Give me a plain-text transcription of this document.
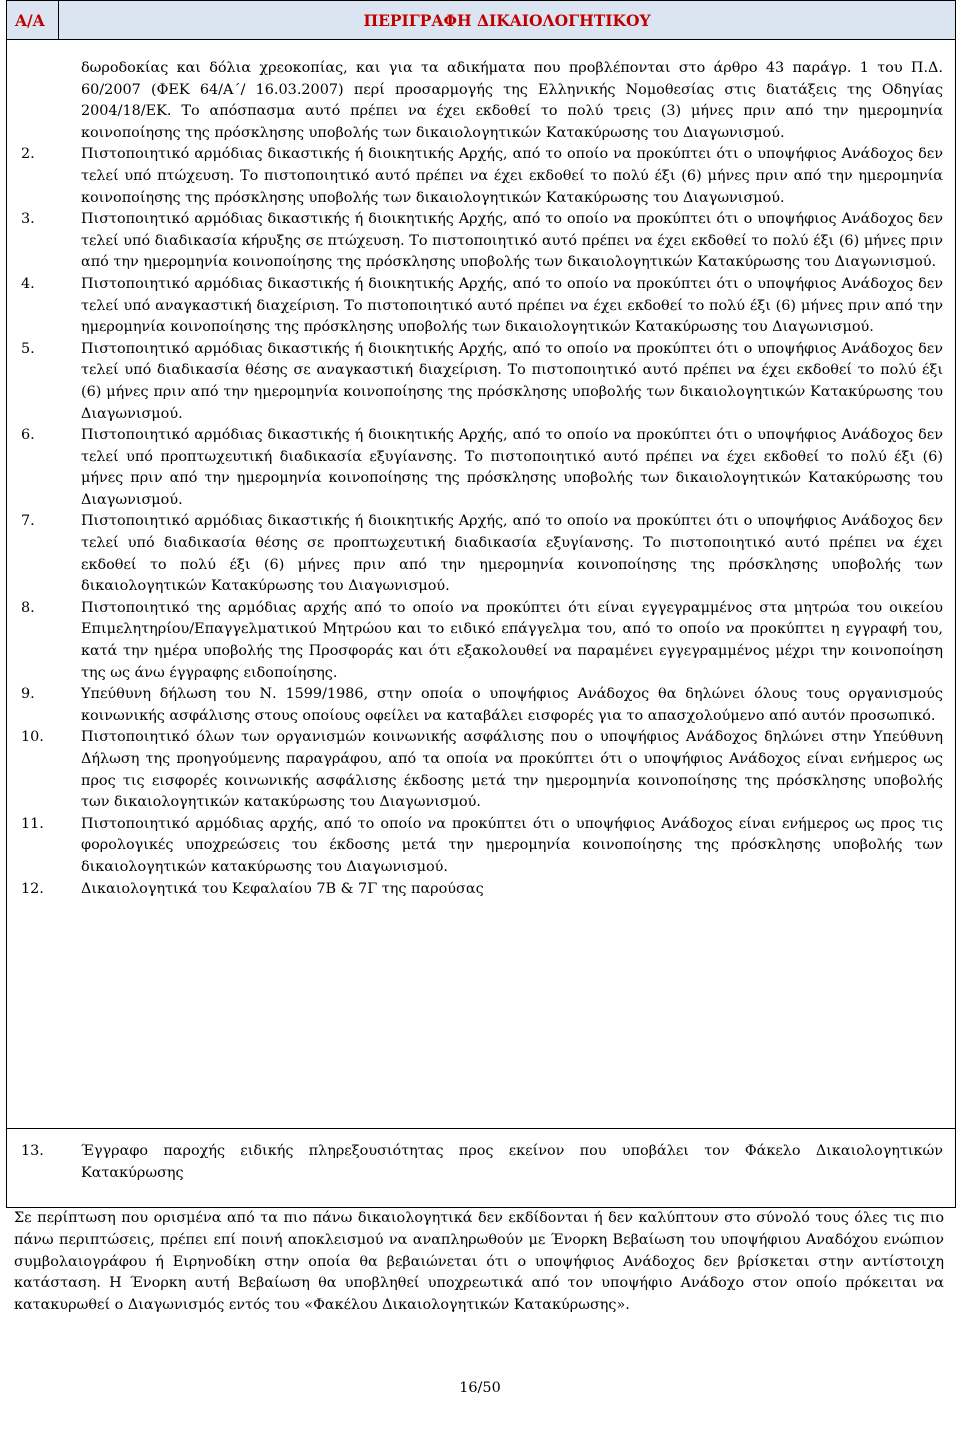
Α/Α	ΠΕΡΙΓΡΑΦΗ ΔΙΚΑΙΟΛΟΓΗΤΙΚΟΥ

δωροδοκίας και δόλια χρεοκοπίας, και για τα αδικήματα που προβλέπονται στο άρθρο 43 παράγρ. 1 του Π.Δ. 60/2007 (ΦΕΚ 64/Α΄/ 16.03.2007) περί προσαρμογής της Ελληνικής Νομοθεσίας στις διατάξεις της Οδηγίας 2004/18/ΕΚ. Το απόσπασμα αυτό πρέπει να έχει εκδοθεί το πολύ τρεις (3) μήνες πριν από την ημερομηνία κοινοποίησης της πρόσκλησης υποβολής των δικαιολογητικών Κατακύρωσης του Διαγωνισμού.
2.	Πιστοποιητικό αρμόδιας δικαστικής ή διοικητικής Αρχής, από το οποίο να προκύπτει ότι ο υποψήφιος Ανάδοχος δεν τελεί υπό πτώχευση. Το πιστοποιητικό αυτό πρέπει να έχει εκδοθεί το πολύ έξι (6) μήνες πριν από την ημερομηνία κοινοποίησης της πρόσκλησης υποβολής των δικαιολογητικών Κατακύρωσης του Διαγωνισμού.
3.	Πιστοποιητικό αρμόδιας δικαστικής ή διοικητικής Αρχής, από το οποίο να προκύπτει ότι ο υποψήφιος Ανάδοχος δεν τελεί υπό διαδικασία κήρυξης σε πτώχευση. Το πιστοποιητικό αυτό πρέπει να έχει εκδοθεί το πολύ έξι (6) μήνες πριν από την ημερομηνία κοινοποίησης της πρόσκλησης υποβολής των δικαιολογητικών Κατακύρωσης του Διαγωνισμού.
4.	Πιστοποιητικό αρμόδιας δικαστικής ή διοικητικής Αρχής, από το οποίο να προκύπτει ότι ο υποψήφιος Ανάδοχος δεν τελεί υπό αναγκαστική διαχείριση. Το πιστοποιητικό αυτό πρέπει να έχει εκδοθεί το πολύ έξι (6) μήνες πριν από την ημερομηνία κοινοποίησης της πρόσκλησης υποβολής των δικαιολογητικών Κατακύρωσης του Διαγωνισμού.
5.	Πιστοποιητικό αρμόδιας δικαστικής ή διοικητικής Αρχής, από το οποίο να προκύπτει ότι ο υποψήφιος Ανάδοχος δεν τελεί υπό διαδικασία θέσης σε αναγκαστική διαχείριση. Το πιστοποιητικό αυτό πρέπει να έχει εκδοθεί το πολύ έξι (6) μήνες πριν από την ημερομηνία κοινοποίησης της πρόσκλησης υποβολής των δικαιολογητικών Κατακύρωσης του Διαγωνισμού.
6.	Πιστοποιητικό αρμόδιας δικαστικής ή διοικητικής Αρχής, από το οποίο να προκύπτει ότι ο υποψήφιος Ανάδοχος δεν τελεί υπό προπτωχευτική διαδικασία εξυγίανσης. Το πιστοποιητικό αυτό πρέπει να έχει εκδοθεί το πολύ έξι (6) μήνες πριν από την ημερομηνία κοινοποίησης της πρόσκλησης υποβολής των δικαιολογητικών Κατακύρωσης του Διαγωνισμού.
7.	Πιστοποιητικό αρμόδιας δικαστικής ή διοικητικής Αρχής, από το οποίο να προκύπτει ότι ο υποψήφιος Ανάδοχος δεν τελεί υπό διαδικασία θέσης σε προπτωχευτική διαδικασία εξυγίανσης. Το πιστοποιητικό αυτό πρέπει να έχει εκδοθεί το πολύ έξι (6) μήνες πριν από την ημερομηνία κοινοποίησης της πρόσκλησης υποβολής των δικαιολογητικών Κατακύρωσης του Διαγωνισμού.
8.	Πιστοποιητικό της αρμόδιας αρχής από το οποίο να προκύπτει ότι είναι εγγεγραμμένος στα μητρώα του οικείου Επιμελητηρίου/Επαγγελματικού Μητρώου και το ειδικό επάγγελμα του, από το οποίο να προκύπτει η εγγραφή του, κατά την ημέρα υποβολής της Προσφοράς και ότι εξακολουθεί να παραμένει εγγεγραμμένος μέχρι την κοινοποίηση της ως άνω έγγραφης ειδοποίησης.
9.	Υπεύθυνη δήλωση του Ν. 1599/1986, στην οποία ο υποψήφιος Ανάδοχος θα δηλώνει όλους τους οργανισμούς κοινωνικής ασφάλισης στους οποίους οφείλει να καταβάλει εισφορές για το απασχολούμενο από αυτόν προσωπικό.
10.	Πιστοποιητικό όλων των οργανισμών κοινωνικής ασφάλισης που ο υποψήφιος Ανάδοχος δηλώνει στην Υπεύθυνη Δήλωση της προηγούμενης παραγράφου, από τα οποία να προκύπτει ότι ο υποψήφιος Ανάδοχος είναι ενήμερος ως προς τις εισφορές κοινωνικής ασφάλισης έκδοσης μετά την ημερομηνία κοινοποίησης της πρόσκλησης υποβολής των δικαιολογητικών κατακύρωσης του Διαγωνισμού.
11.	Πιστοποιητικό αρμόδιας αρχής, από το οποίο να προκύπτει ότι ο υποψήφιος Ανάδοχος είναι ενήμερος ως προς τις φορολογικές υποχρεώσεις του έκδοσης μετά την ημερομηνία κοινοποίησης της πρόσκλησης υποβολής των δικαιολογητικών κατακύρωσης του Διαγωνισμού.
12.	Δικαιολογητικά του Κεφαλαίου 7Β & 7Γ της παρούσας

13.	Έγγραφο παροχής ειδικής πληρεξουσιότητας προς εκείνον που υποβάλει τον Φάκελο Δικαιολογητικών Κατακύρωσης
Σε περίπτωση που ορισμένα από τα πιο πάνω δικαιολογητικά δεν εκδίδονται ή δεν καλύπτουν στο σύνολό τους όλες τις πιο πάνω περιπτώσεις, πρέπει επί ποινή αποκλεισμού να αναπληρωθούν με Ένορκη Βεβαίωση του υποψήφιου Αναδόχου ενώπιον συμβολαιογράφου ή Ειρηνοδίκη στην οποία θα βεβαιώνεται ότι ο υποψήφιος Ανάδοχος δεν βρίσκεται στην αντίστοιχη κατάσταση. Η Ένορκη αυτή Βεβαίωση θα υποβληθεί υποχρεωτικά από τον υποψήφιο Ανάδοχο στον οποίο πρόκειται να κατακυρωθεί ο Διαγωνισμός εντός του «Φακέλου Δικαιολογητικών Κατακύρωσης».
16/50
